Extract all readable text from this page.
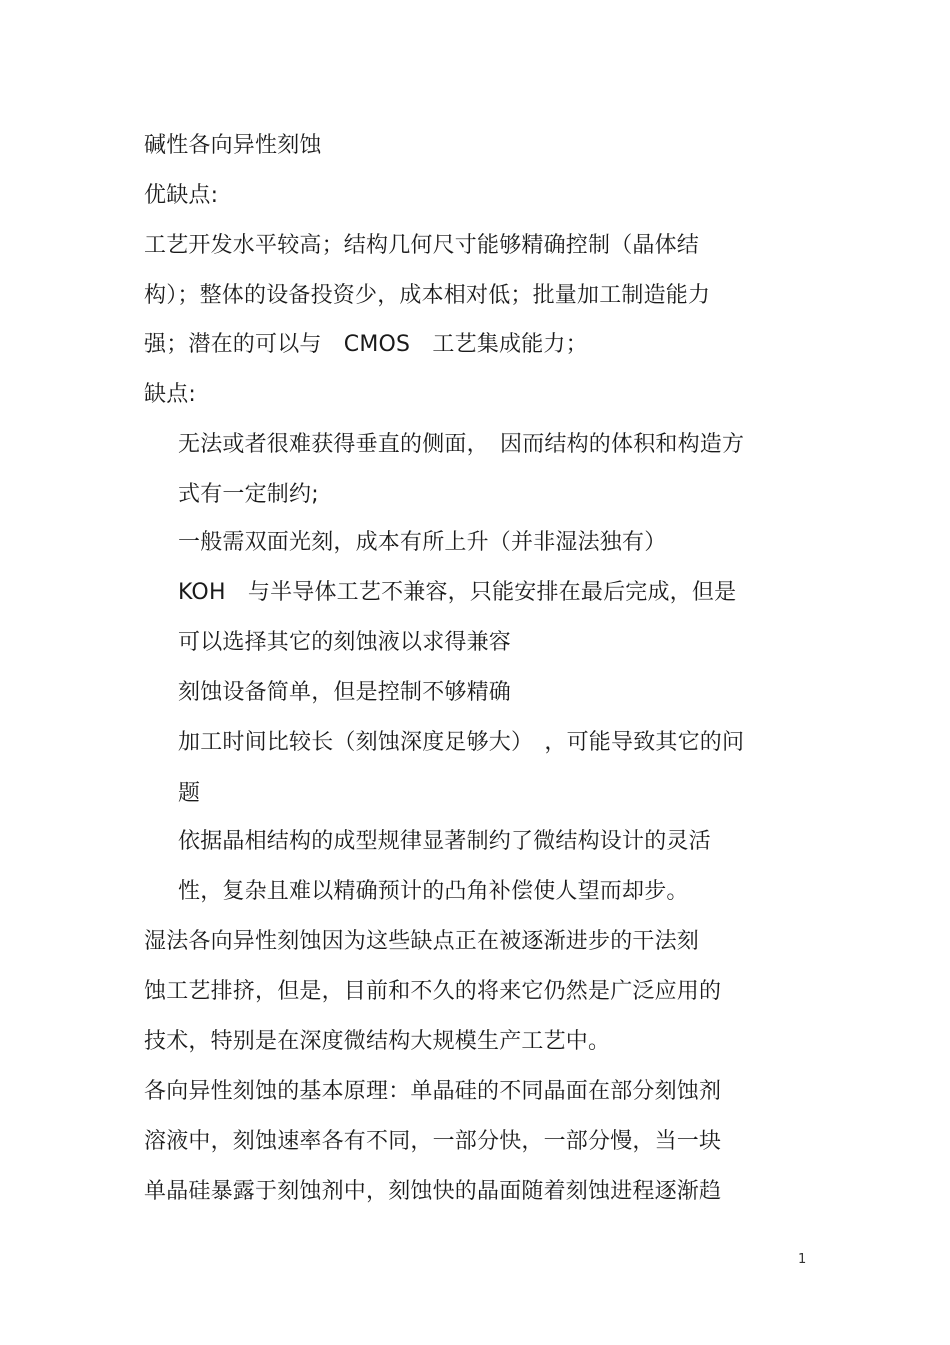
碱性各向异性刻蚀
优缺点:
工艺开发水平较高；结构几何尺寸能够精确控制（晶体结
构）；整体的设备投资少，成本相对低；批量加工制造能力
强；潜在的可以与　CMOS　工艺集成能力；
缺点:
无法或者很难获得垂直的侧面，　因而结构的体积和构造方
式有一定制约;
一般需双面光刻，成本有所上升（并非湿法独有）
KOH　与半导体工艺不兼容，只能安排在最后完成，但是
可以选择其它的刻蚀液以求得兼容
刻蚀设备简单，但是控制不够精确
加工时间比较长（刻蚀深度足够大）　，可能导致其它的问
题
依据晶相结构的成型规律显著制约了微结构设计的灵活
性，复杂且难以精确预计的凸角补偿使人望而却步。
湿法各向异性刻蚀因为这些缺点正在被逐渐进步的干法刻
蚀工艺排挤，但是，目前和不久的将来它仍然是广泛应用的
技术，特别是在深度微结构大规模生产工艺中。
各向异性刻蚀的基本原理：单晶硅的不同晶面在部分刻蚀剂
溶液中，刻蚀速率各有不同，一部分快，一部分慢，当一块
单晶硅暴露于刻蚀剂中，刻蚀快的晶面随着刻蚀进程逐渐趋
1
